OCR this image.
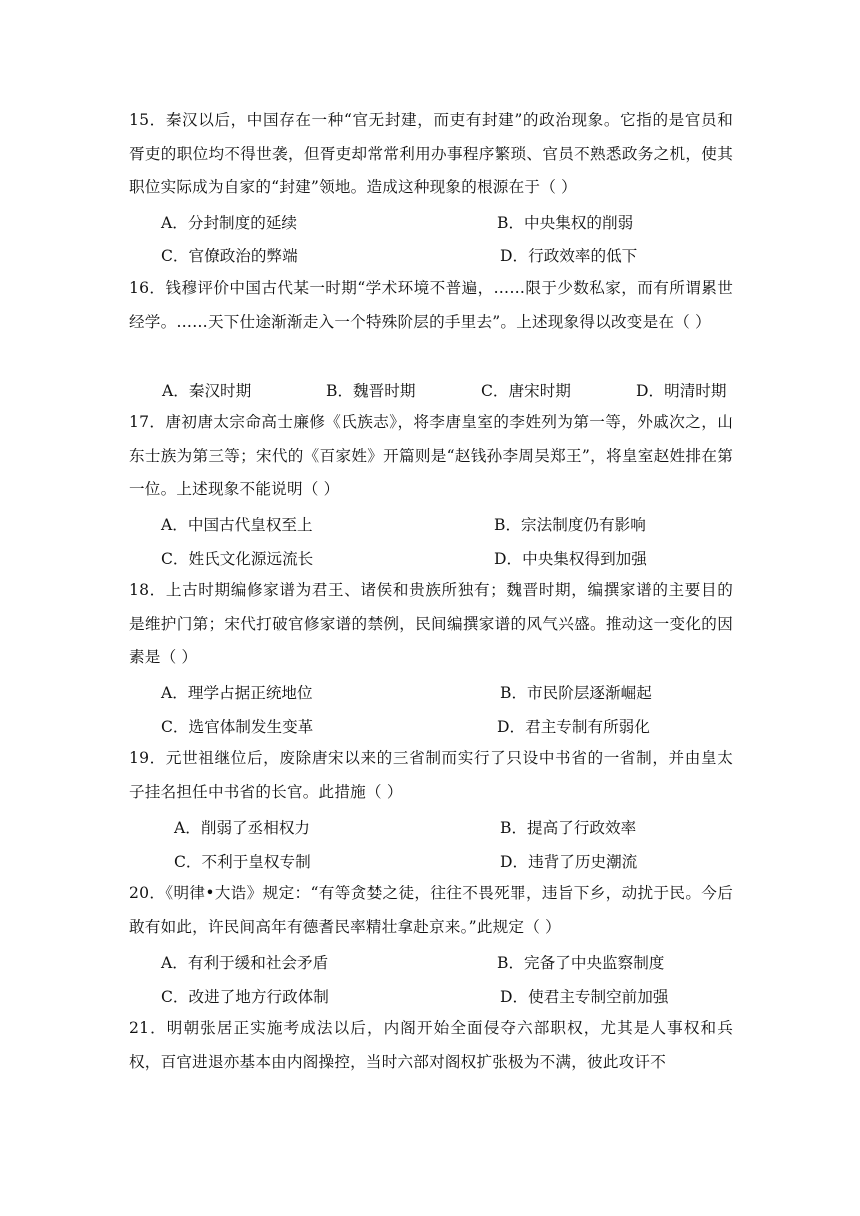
15．秦汉以后，中国存在一种“官无封建，而吏有封建”的政治现象。它指的是官员和胥吏的职位均不得世袭，但胥吏却常常利用办事程序繁琐、官员不熟悉政务之机，使其职位实际成为自家的“封建”领地。造成这种现象的根源在于（ ）
A．分封制度的延续	B．中央集权的削弱
C．官僚政治的弊端	D．行政效率的低下
16．钱穆评价中国古代某一时期“学术环境不普遍，……限于少数私家，而有所谓累世经学。……天下仕途渐渐走入一个特殊阶层的手里去”。上述现象得以改变是在（ ）
A．秦汉时期	B．魏晋时期	C．唐宋时期	D．明清时期
17．唐初唐太宗命高士廉修《氏族志》，将李唐皇室的李姓列为第一等，外戚次之，山东士族为第三等；宋代的《百家姓》开篇则是“赵钱孙李周吴郑王”，将皇室赵姓排在第一位。上述现象不能说明（ ）
A．中国古代皇权至上	B．宗法制度仍有影响
C．姓氏文化源远流长	D．中央集权得到加强
18．上古时期编修家谱为君王、诸侯和贵族所独有；魏晋时期，编撰家谱的主要目的是维护门第；宋代打破官修家谱的禁例，民间编撰家谱的风气兴盛。推动这一变化的因素是（ ）
A．理学占据正统地位	B．市民阶层逐渐崛起
C．选官体制发生变革	D．君主专制有所弱化
19．元世祖继位后，废除唐宋以来的三省制而实行了只设中书省的一省制，并由皇太子挂名担任中书省的长官。此措施（ ）
A．削弱了丞相权力	B．提高了行政效率
C．不利于皇权专制	D．违背了历史潮流
20．《明律•大诰》规定：“有等贪婪之徒，往往不畏死罪，违旨下乡，动扰于民。今后敢有如此，许民间高年有德耆民率精壮拿赴京来。”此规定（ ）
A．有利于缓和社会矛盾	B．完备了中央监察制度
C．改进了地方行政体制	D．使君主专制空前加强
21．明朝张居正实施考成法以后，内阁开始全面侵夺六部职权，尤其是人事权和兵权，百官进退亦基本由内阁操控，当时六部对阁权扩张极为不满，彼此攻讦不
